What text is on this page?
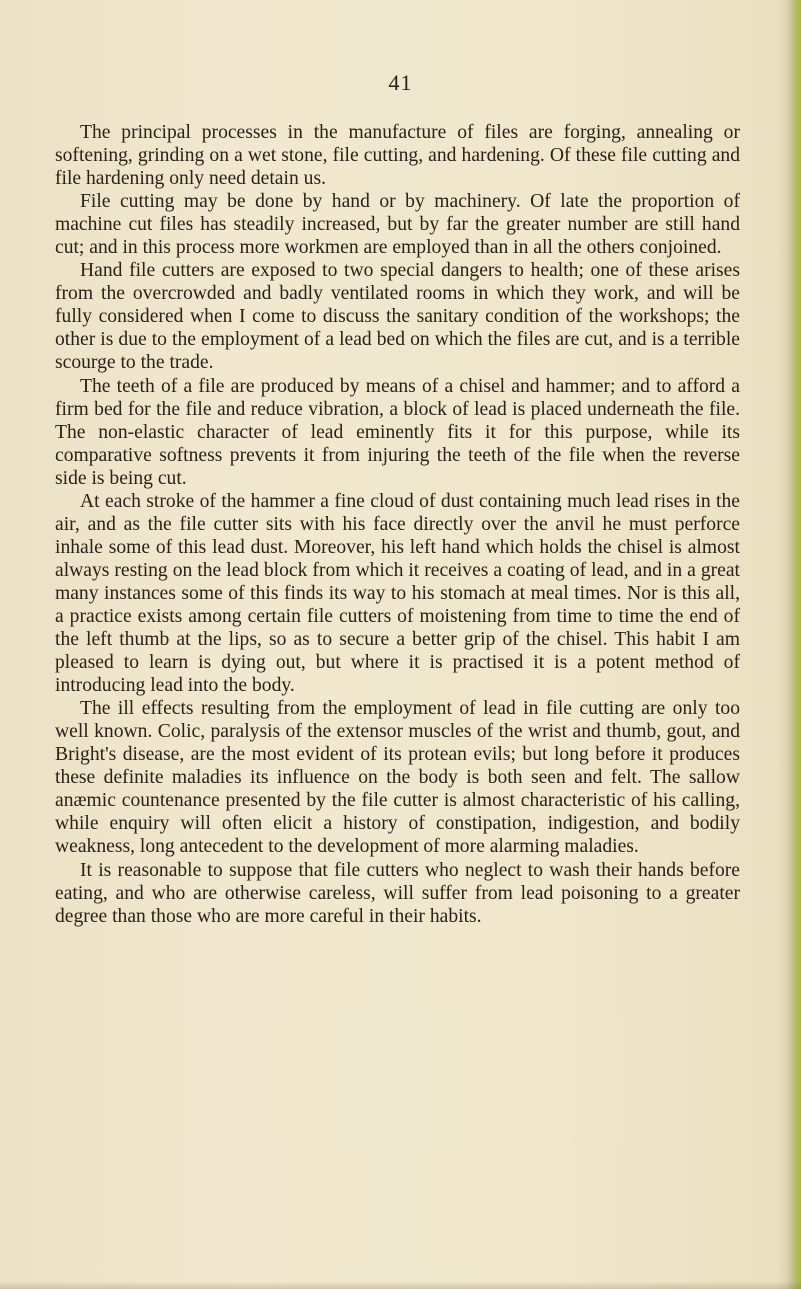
41

The principal processes in the manufacture of files are forging, annealing or softening, grinding on a wet stone, file cutting, and hardening. Of these file cutting and file hardening only need detain us.

File cutting may be done by hand or by machinery. Of late the proportion of machine cut files has steadily increased, but by far the greater number are still hand cut; and in this process more workmen are employed than in all the others conjoined.

Hand file cutters are exposed to two special dangers to health; one of these arises from the overcrowded and badly ventilated rooms in which they work, and will be fully considered when I come to discuss the sanitary condition of the workshops; the other is due to the employment of a lead bed on which the files are cut, and is a terrible scourge to the trade.

The teeth of a file are produced by means of a chisel and hammer; and to afford a firm bed for the file and reduce vibration, a block of lead is placed underneath the file. The non-elastic character of lead eminently fits it for this purpose, while its comparative softness prevents it from injuring the teeth of the file when the reverse side is being cut.

At each stroke of the hammer a fine cloud of dust containing much lead rises in the air, and as the file cutter sits with his face directly over the anvil he must perforce inhale some of this lead dust. Moreover, his left hand which holds the chisel is almost always resting on the lead block from which it receives a coating of lead, and in a great many instances some of this finds its way to his stomach at meal times. Nor is this all, a practice exists among certain file cutters of moistening from time to time the end of the left thumb at the lips, so as to secure a better grip of the chisel. This habit I am pleased to learn is dying out, but where it is practised it is a potent method of introducing lead into the body.

The ill effects resulting from the employment of lead in file cutting are only too well known. Colic, paralysis of the extensor muscles of the wrist and thumb, gout, and Bright's disease, are the most evident of its protean evils; but long before it produces these definite maladies its influence on the body is both seen and felt. The sallow anæmic countenance presented by the file cutter is almost characteristic of his calling, while enquiry will often elicit a history of constipation, indigestion, and bodily weakness, long antecedent to the development of more alarming maladies.

It is reasonable to suppose that file cutters who neglect to wash their hands before eating, and who are otherwise careless, will suffer from lead poisoning to a greater degree than those who are more careful in their habits.
